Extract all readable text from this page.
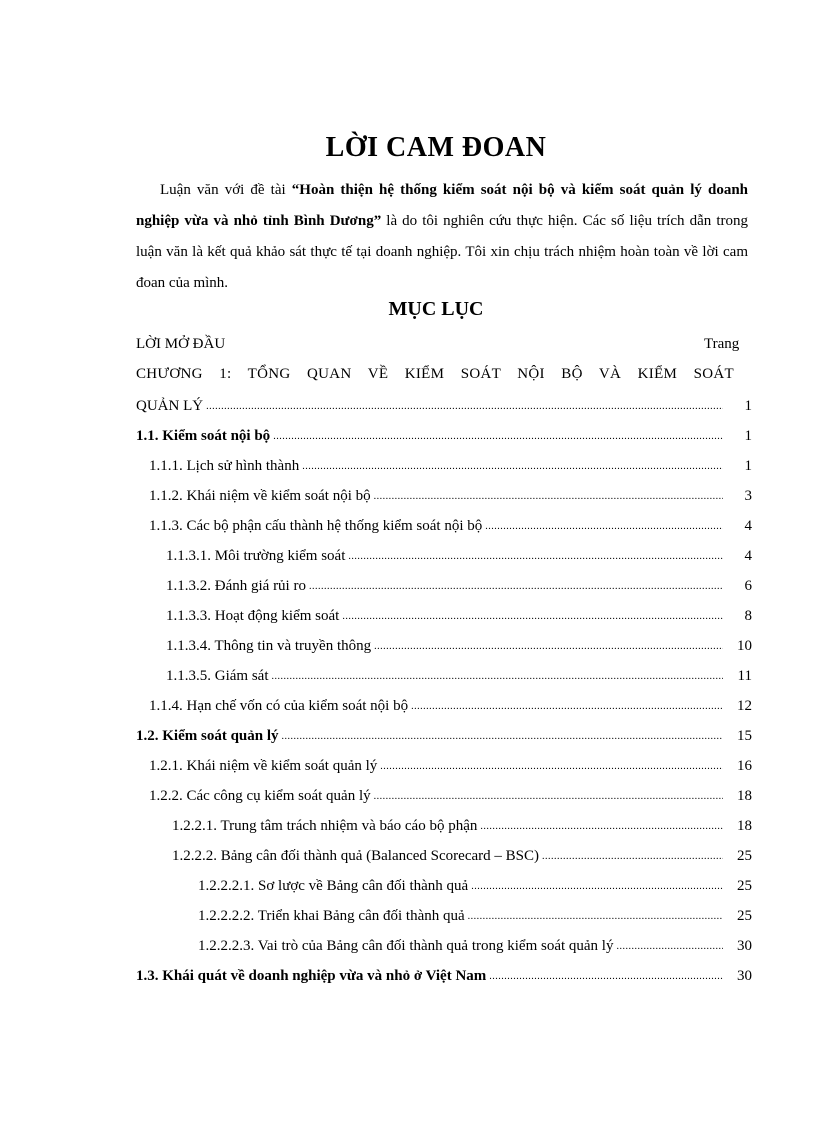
LỜI CAM ĐOAN
Luận văn với đề tài “Hoàn thiện hệ thống kiểm soát nội bộ và kiểm soát quản lý doanh nghiệp vừa và nhỏ tỉnh Bình Dương” là do tôi nghiên cứu thực hiện. Các số liệu trích dẫn trong luận văn là kết quả khảo sát thực tế tại doanh nghiệp. Tôi xin chịu trách nhiệm hoàn toàn về lời cam đoan của mình.
MỤC LỤC
LỜI MỞ ĐẦU	Trang
CHƯƠNG 1: TỔNG QUAN VỀ KIỂM SOÁT NỘI BỘ VÀ KIỂM SOÁT
QUẢN LÝ .....	1
1.1. Kiểm soát nội bộ .....	1
1.1.1. Lịch sử hình thành .....	1
1.1.2. Khái niệm về kiểm soát nội bộ .....	3
1.1.3. Các bộ phận cấu thành hệ thống kiểm soát nội bộ .....	4
1.1.3.1. Môi trường kiểm soát .....	4
1.1.3.2. Đánh giá rủi ro .....	6
1.1.3.3. Hoạt động kiểm soát .....	8
1.1.3.4. Thông tin và truyền thông .....	10
1.1.3.5. Giám sát .....	11
1.1.4. Hạn chế vốn có của kiểm soát nội bộ .....	12
1.2. Kiểm soát quản lý .....	15
1.2.1. Khái niệm về kiểm soát quản lý .....	16
1.2.2. Các công cụ kiểm soát quản lý .....	18
1.2.2.1. Trung tâm trách nhiệm và báo cáo bộ phận .....	18
1.2.2.2. Bảng cân đối thành quả (Balanced Scorecard – BSC) .....	25
1.2.2.2.1. Sơ lược về Bảng cân đối thành quả .....	25
1.2.2.2.2. Triển khai Bảng cân đối thành quả .....	25
1.2.2.2.3. Vai trò của Bảng cân đối thành quả trong kiểm soát quản lý .....	30
1.3. Khái quát về doanh nghiệp vừa và nhỏ ở Việt Nam .....	30
